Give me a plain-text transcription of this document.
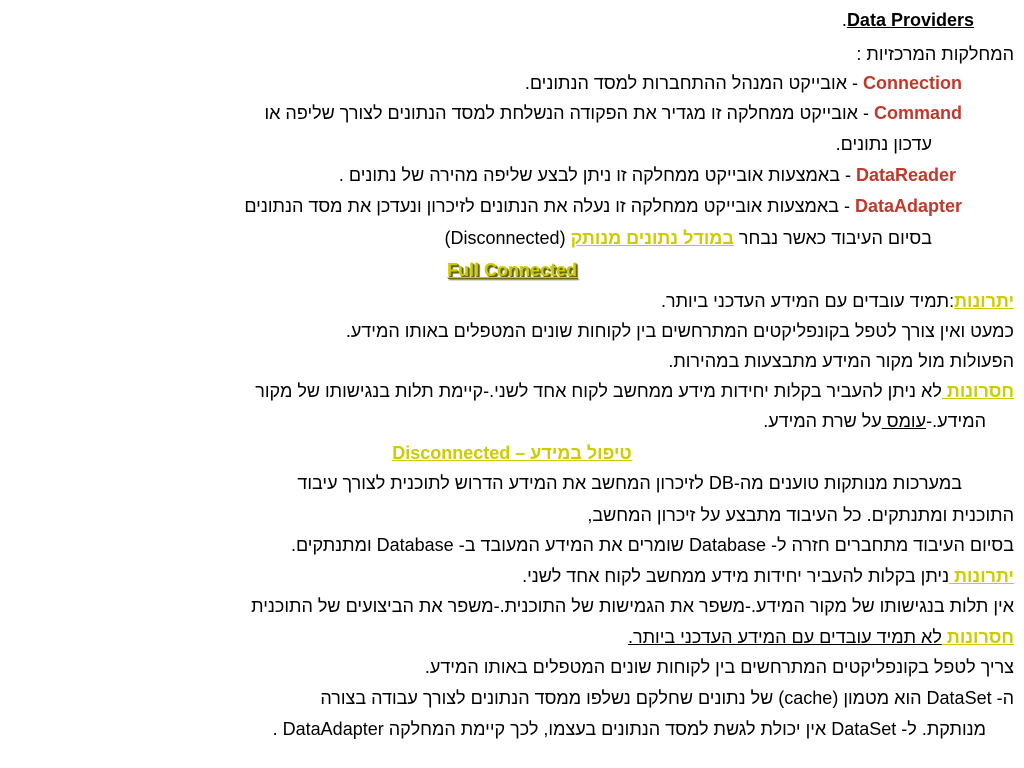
.Data Providers
המחלקות המרכזיות :
Connection - אובייקט המנהל ההתחברות למסד הנתונים.
Command - אובייקט ממחלקה זו מגדיר את הפקודה הנשלחת למסד הנתונים לצורך שליפה או
עדכון נתונים.
DataReader - באמצעות אובייקט ממחלקה זו ניתן לבצע שליפה מהירה של נתונים .
DataAdapter - באמצעות אובייקט ממחלקה זו נעלה את הנתונים לזיכרון ונעדכן את מסד הנתונים
בסיום העיבוד כאשר נבחר במודל נתונים מנותק (Disconnected)
Full Connected
יתרונות:תמיד עובדים עם המידע העדכני ביותר.
כמעט ואין צורך לטפל בקונפליקטים המתרחשים בין לקוחות שונים המטפלים באותו המידע.
הפעולות מול מקור המידע מתבצעות במהירות.
חסרונות לא ניתן להעביר בקלות יחידות מידע ממחשב לקוח אחד לשני.-קיימת תלות בנגישותו של מקור
המידע.-עומס על שרת המידע.
טיפול במידע – Disconnected
במערכות מנותקות טוענים מה-DB לזיכרון המחשב את המידע הדרוש לתוכנית לצורך עיבוד
התוכנית ומתנתקים. כל העיבוד מתבצע על זיכרון המחשב,
בסיום העיבוד מתחברים חזרה ל- Database שומרים את המידע המעובד ב- Database ומתנתקים.
יתרונות ניתן בקלות להעביר יחידות מידע ממחשב לקוח אחד לשני.
אין תלות בנגישותו של מקור המידע.-משפר את הגמישות של התוכנית.-משפר את הביצועים של התוכנית
חסרונות לא תמיד עובדים עם המידע העדכני ביותר.
צריך לטפל בקונפליקטים המתרחשים בין לקוחות שונים המטפלים באותו המידע.
ה- DataSet הוא מטמון (cache) של נתונים שחלקם נשלפו ממסד הנתונים לצורך עבודה בצורה
מנותקת. ל- DataSet אין יכולת לגשת למסד הנתונים בעצמו, לכך קיימת המחלקה DataAdapter .
